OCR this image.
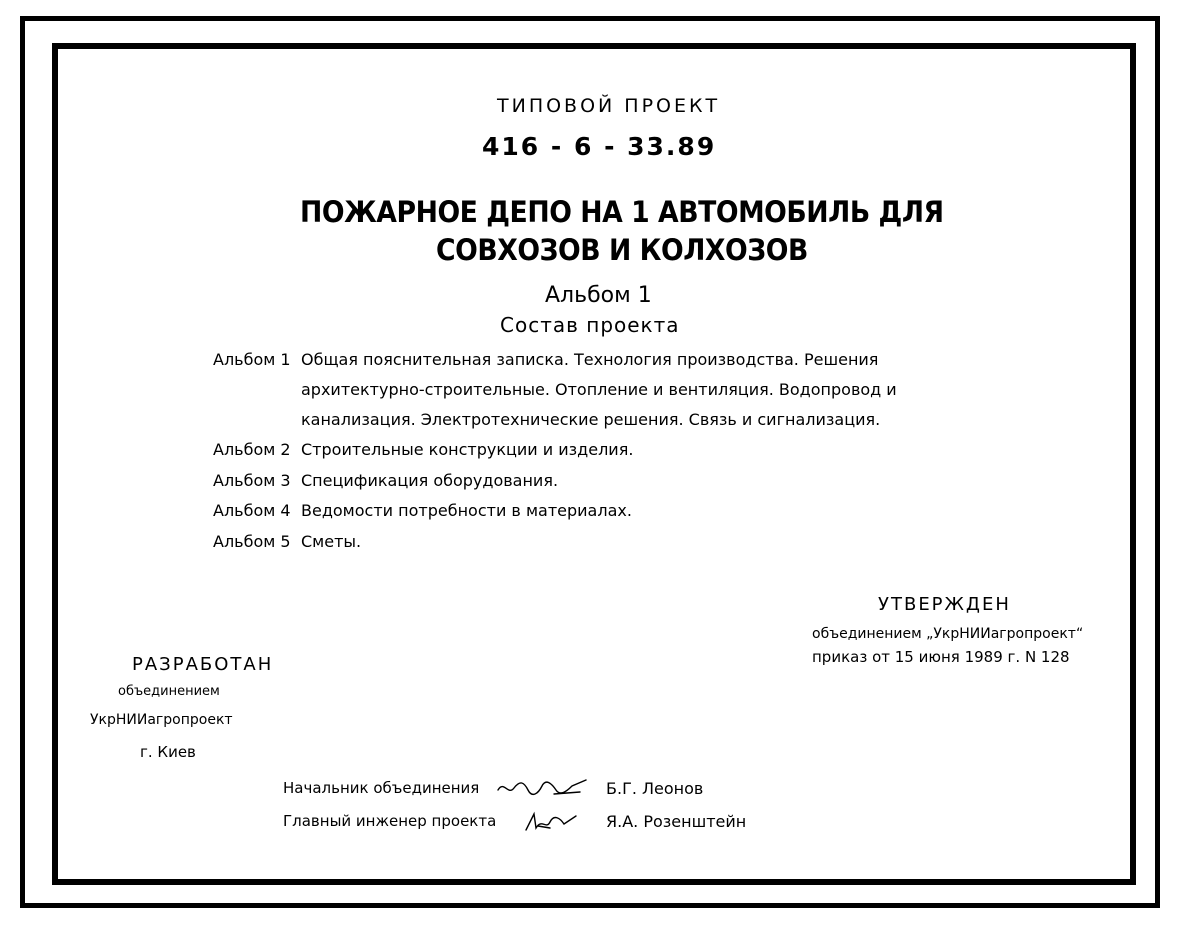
ТИПОВОЙ ПРОЕКТ
416 - 6 - 33.89
ПОЖАРНОЕ ДЕПО НА 1 АВТОМОБИЛЬ ДЛЯ
СОВХОЗОВ И КОЛХОЗОВ
Альбом 1
Состав проекта
Альбом 1 Общая пояснительная записка. Технология производства. Решения
архитектурно-строительные. Отопление и вентиляция. Водопровод и
канализация. Электротехнические решения. Связь и сигнализация.
Альбом 2 Строительные конструкции и изделия.
Альбом 3 Спецификация оборудования.
Альбом 4 Ведомости потребности в материалах.
Альбом 5 Сметы.
УТВЕРЖДЕН
объединением „УкрНИИагропроект“
приказ от 15 июня 1989 г. N 128
РАЗРАБОТАН
объединением
УкрНИИагропроект
г. Киев
Начальник объединения	Б.Г. Леонов
Главный инженер проекта	Я.А. Розенштейн
